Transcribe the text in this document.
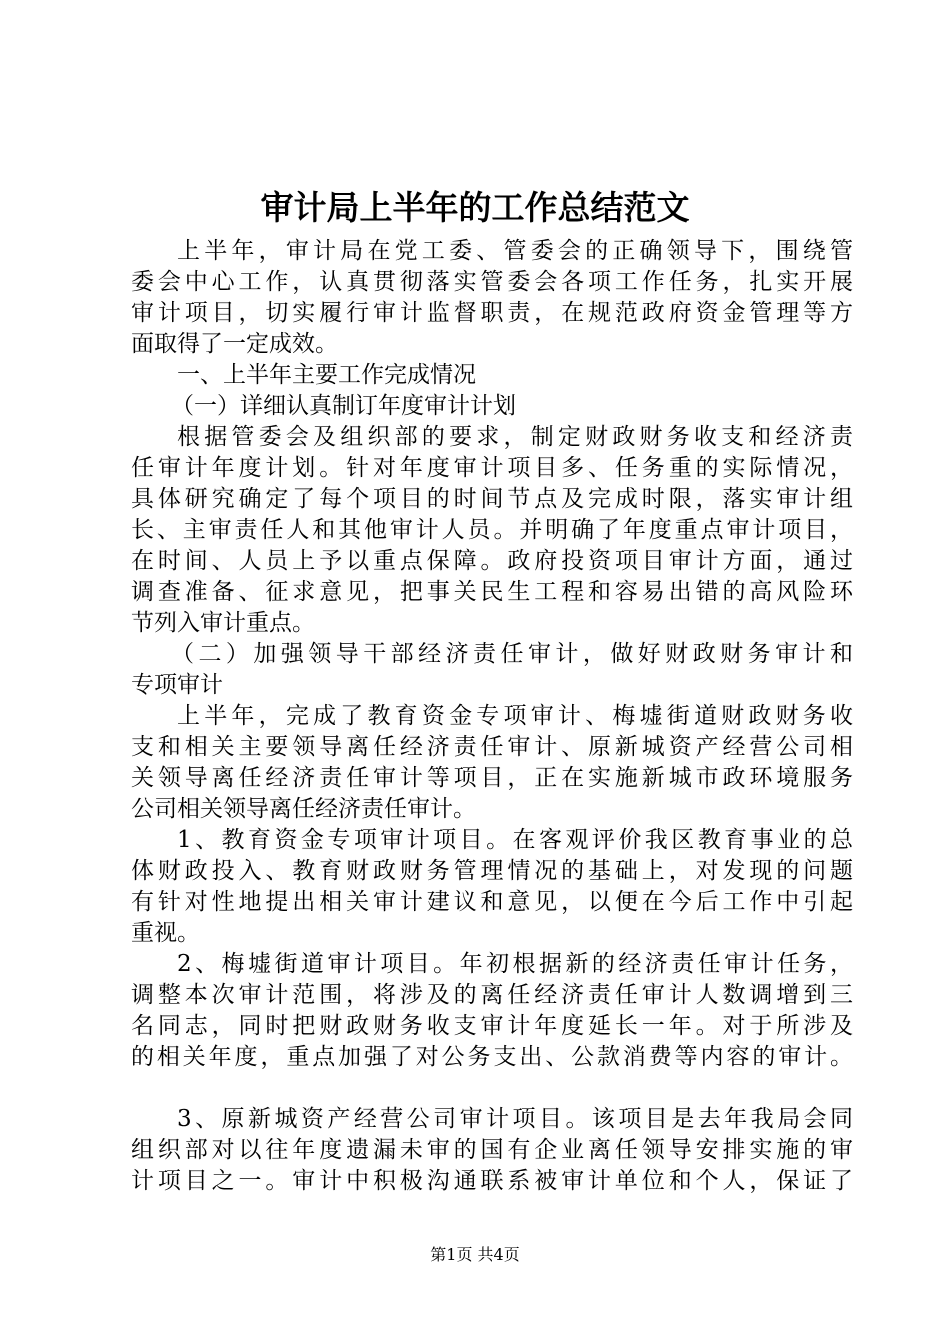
审计局上半年的工作总结范文
上半年，审计局在党工委、管委会的正确领导下，围绕管
委会中心工作，认真贯彻落实管委会各项工作任务，扎实开展
审计项目，切实履行审计监督职责，在规范政府资金管理等方
面取得了一定成效。
一、上半年主要工作完成情况
（一）详细认真制订年度审计计划
根据管委会及组织部的要求，制定财政财务收支和经济责
任审计年度计划。针对年度审计项目多、任务重的实际情况，
具体研究确定了每个项目的时间节点及完成时限，落实审计组
长、主审责任人和其他审计人员。并明确了年度重点审计项目，
在时间、人员上予以重点保障。政府投资项目审计方面，通过
调查准备、征求意见，把事关民生工程和容易出错的高风险环
节列入审计重点。
（二）加强领导干部经济责任审计，做好财政财务审计和
专项审计
上半年，完成了教育资金专项审计、梅墟街道财政财务收
支和相关主要领导离任经济责任审计、原新城资产经营公司相
关领导离任经济责任审计等项目，正在实施新城市政环境服务
公司相关领导离任经济责任审计。
1、教育资金专项审计项目。在客观评价我区教育事业的总
体财政投入、教育财政财务管理情况的基础上，对发现的问题
有针对性地提出相关审计建议和意见，以便在今后工作中引起
重视。
2、梅墟街道审计项目。年初根据新的经济责任审计任务，
调整本次审计范围，将涉及的离任经济责任审计人数调增到三
名同志，同时把财政财务收支审计年度延长一年。对于所涉及
的相关年度，重点加强了对公务支出、公款消费等内容的审计。
3、原新城资产经营公司审计项目。该项目是去年我局会同
组织部对以往年度遗漏未审的国有企业离任领导安排实施的审
计项目之一。审计中积极沟通联系被审计单位和个人，保证了
第1页 共4页
